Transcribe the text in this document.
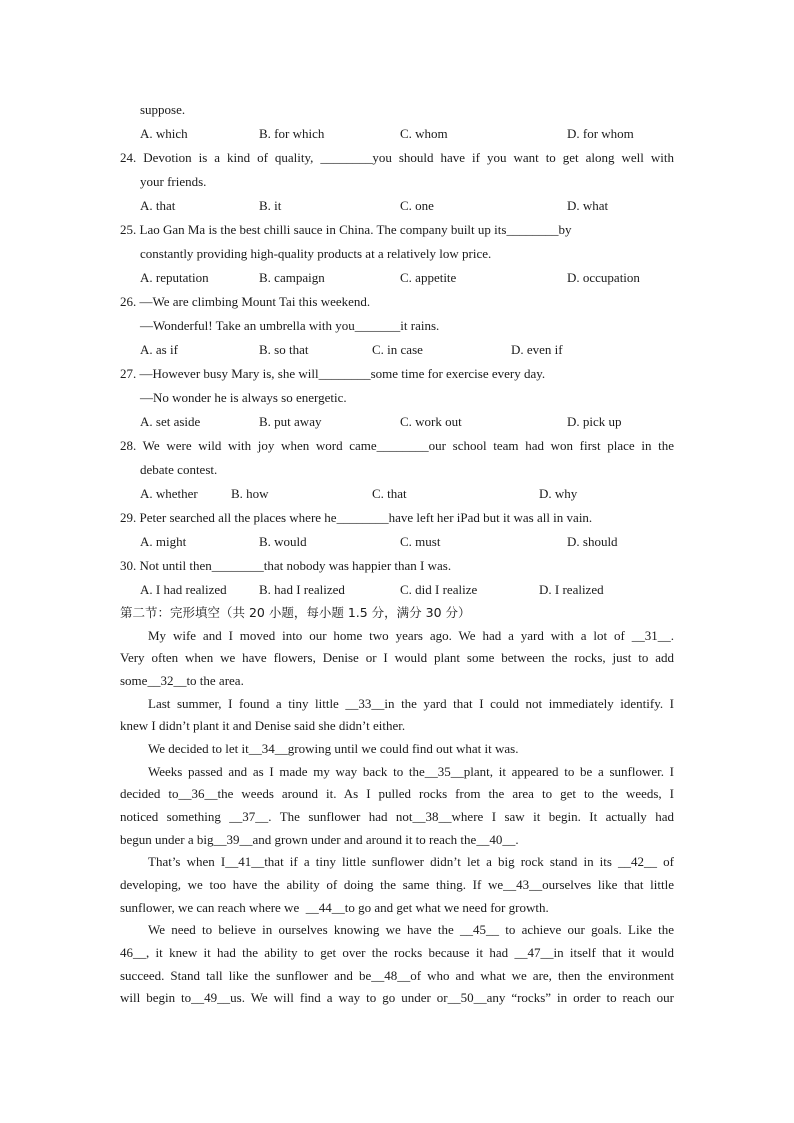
suppose.
24. Devotion is a kind of quality, ________you should have if you want to get along well with
your friends.
25. Lao Gan Ma is the best chilli sauce in China. The company built up its________by
constantly providing high-quality products at a relatively low price.
26. —We are climbing Mount Tai this weekend.
—Wonderful! Take an umbrella with you_______it rains.
27. —However busy Mary is, she will________some time for exercise every day.
—No wonder he is always so energetic.
28. We were wild with joy when word came________our school team had won first place in the
debate contest.
29. Peter searched all the places where he________have left her iPad but it was all in vain.
30. Not until then________that nobody was happier than I was.
A. which	B. for which	C. whom	D. for whom
A. that	B. it	C. one	D. what
A. reputation	B. campaign	C. appetite	D. occupation
A. as if	B. so that	C. in case	D. even if
A. set aside	B. put away	C. work out	D. pick up
A. whether	B. how	C. that	D. why
A. might	B. would	C. must	D. should
A. I had realized B. had I realized	C. did I realize	D. I realized
My wife and I moved into our home two years ago. We had a yard with a lot of __31__.
Very often when we have flowers, Denise or I would plant some between the rocks, just to add
some__32__to the area.
Last summer, I found a tiny little __33__in the yard that I could not immediately identify. I
knew I didn’t plant it and Denise said she didn’t either.
We decided to let it__34__growing until we could find out what it was.
Weeks passed and as I made my way back to the__35__plant, it appeared to be a sunflower. I
decided to__36__the weeds around it. As I pulled rocks from the area to get to the weeds, I
noticed something __37__. The sunflower had not__38__where I saw it begin. It actually had
begun under a big__39__and grown under and around it to reach the__40__.
That’s when I__41__that if a tiny little sunflower didn’t let a big rock stand in its __42__ of
developing, we too have the ability of doing the same thing. If we__43__ourselves like that little
sunflower, we can reach where we  __44__to go and get what we need for growth.
We need to believe in ourselves knowing we have the __45__ to achieve our goals. Like the
46__, it knew it had the ability to get over the rocks because it had __47__in itself that it would
succeed. Stand tall like the sunflower and be__48__of who and what we are, then the environment
will begin to__49__us. We will find a way to go under or__50__any “rocks” in order to reach our
第二节：完形填空（共 20 小题，每小题 1.5 分，满分 30 分）
